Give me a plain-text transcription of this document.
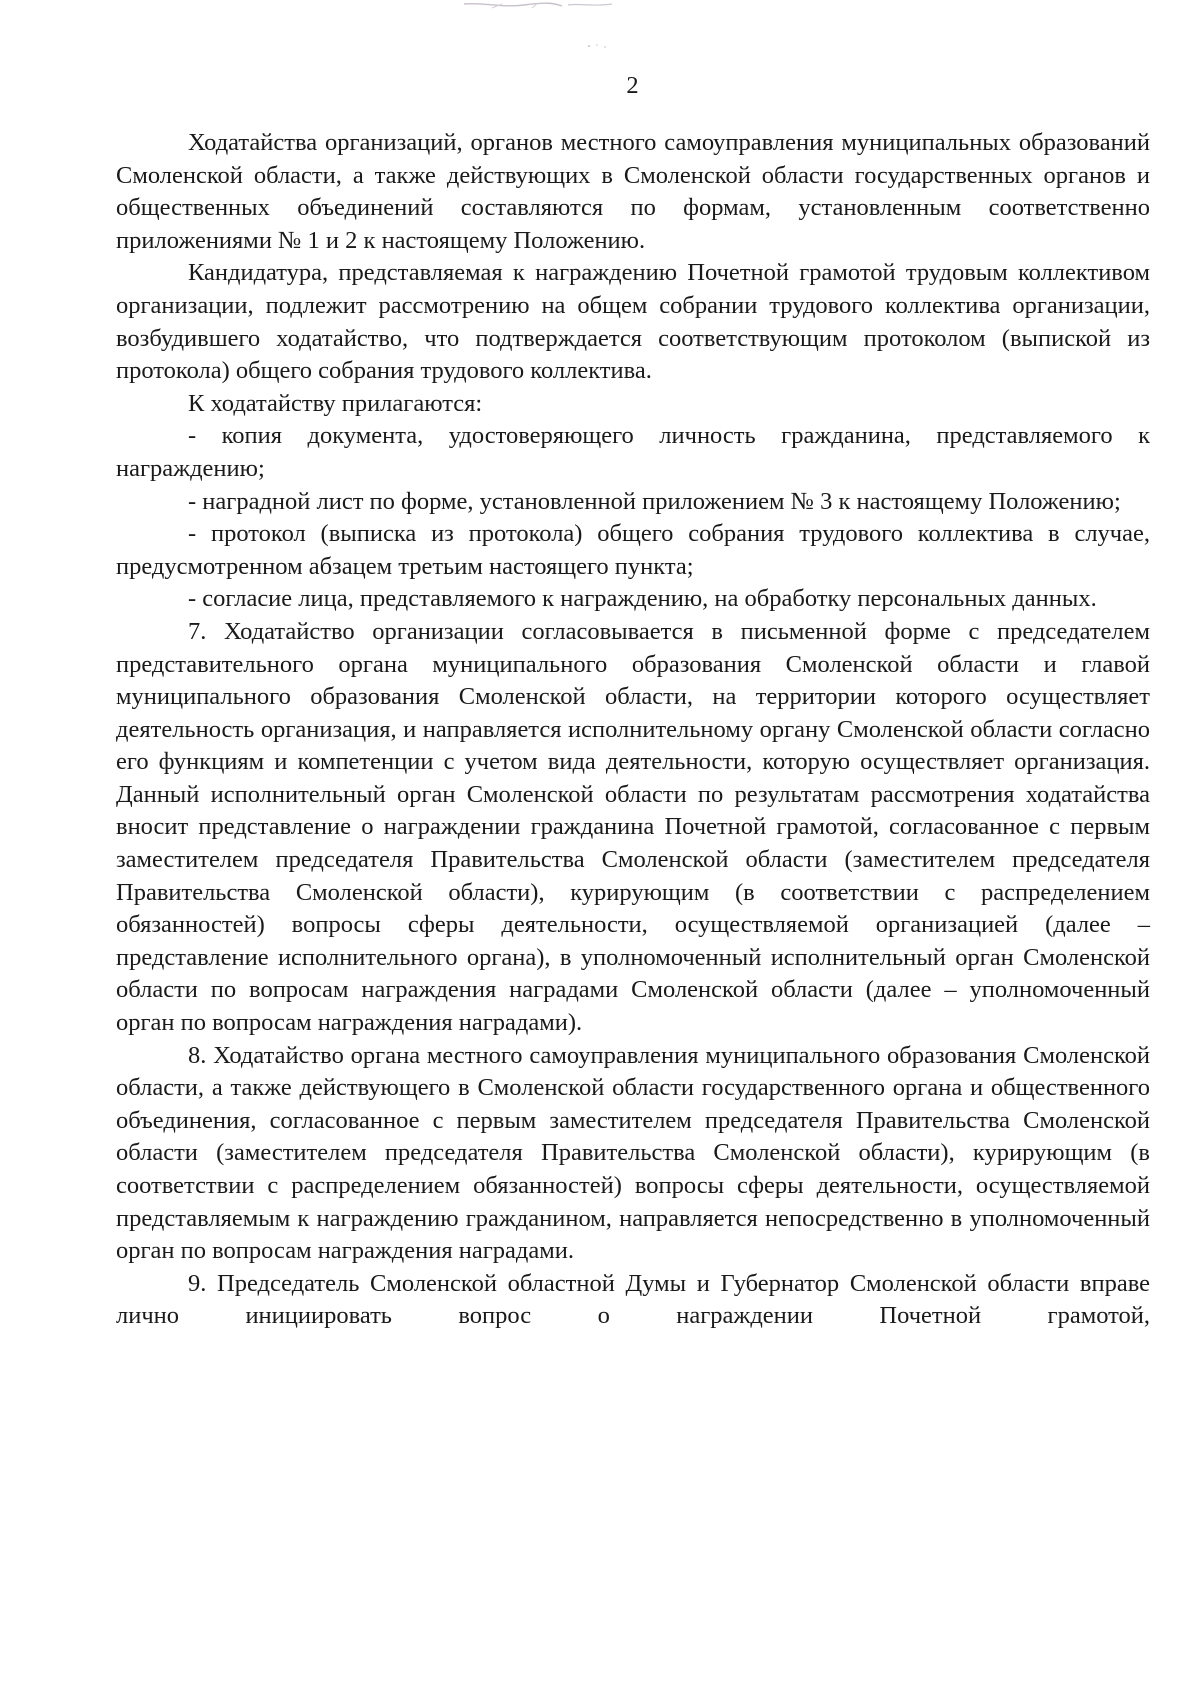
2

Ходатайства организаций, органов местного самоуправления муниципальных образований Смоленской области, а также действующих в Смоленской области государственных органов и общественных объединений составляются по формам, установленным соответственно приложениями № 1 и 2 к настоящему Положению.

Кандидатура, представляемая к награждению Почетной грамотой трудовым коллективом организации, подлежит рассмотрению на общем собрании трудового коллектива организации, возбудившего ходатайство, что подтверждается соответствующим протоколом (выпиской из протокола) общего собрания трудового коллектива.

К ходатайству прилагаются:

- копия документа, удостоверяющего личность гражданина, представляемого к награждению;

- наградной лист по форме, установленной приложением № 3 к настоящему Положению;

- протокол (выписка из протокола) общего собрания трудового коллектива в случае, предусмотренном абзацем третьим настоящего пункта;

- согласие лица, представляемого к награждению, на обработку персональных данных.

7. Ходатайство организации согласовывается в письменной форме с председателем представительного органа муниципального образования Смоленской области и главой муниципального образования Смоленской области, на территории которого осуществляет деятельность организация, и направляется исполнительному органу Смоленской области согласно его функциям и компетенции с учетом вида деятельности, которую осуществляет организация. Данный исполнительный орган Смоленской области по результатам рассмотрения ходатайства вносит представление о награждении гражданина Почетной грамотой, согласованное с первым заместителем председателя Правительства Смоленской области (заместителем председателя Правительства Смоленской области), курирующим (в соответствии с распределением обязанностей) вопросы сферы деятельности, осуществляемой организацией (далее – представление исполнительного органа), в уполномоченный исполнительный орган Смоленской области по вопросам награждения наградами Смоленской области (далее – уполномоченный орган по вопросам награждения наградами).

8. Ходатайство органа местного самоуправления муниципального образования Смоленской области, а также действующего в Смоленской области государственного органа и общественного объединения, согласованное с первым заместителем председателя Правительства Смоленской области (заместителем председателя Правительства Смоленской области), курирующим (в соответствии с распределением обязанностей) вопросы сферы деятельности, осуществляемой представляемым к награждению гражданином, направляется непосредственно в уполномоченный орган по вопросам награждения наградами.

9. Председатель Смоленской областной Думы и Губернатор Смоленской области вправе лично инициировать вопрос о награждении Почетной грамотой,
